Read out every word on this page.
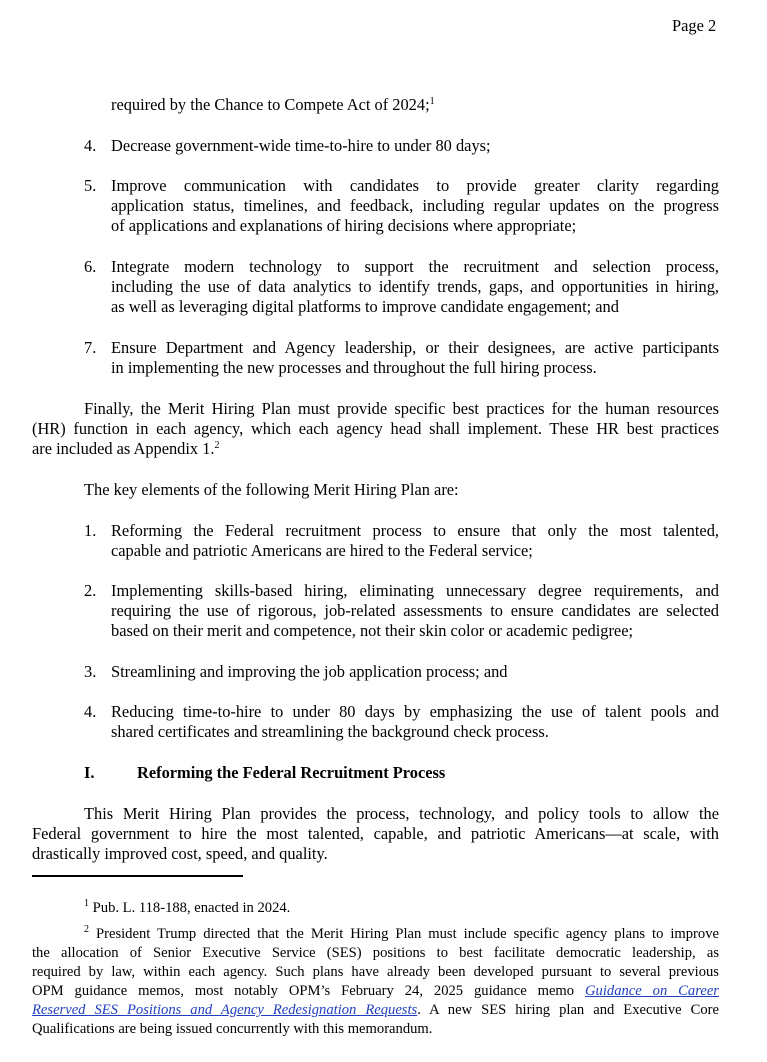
Page 2
required by the Chance to Compete Act of 2024;$^1$
4. Decrease government-wide time-to-hire to under 80 days;
5. Improve communication with candidates to provide greater clarity regarding
application status, timelines, and feedback, including regular updates on the progress
of applications and explanations of hiring decisions where appropriate;
6. Integrate modern technology to support the recruitment and selection process,
including the use of data analytics to identify trends, gaps, and opportunities in hiring,
as well as leveraging digital platforms to improve candidate engagement; and
7. Ensure Department and Agency leadership, or their designees, are active participants
in implementing the new processes and throughout the full hiring process.
Finally, the Merit Hiring Plan must provide specific best practices for the human resources
(HR) function in each agency, which each agency head shall implement. These HR best practices
are included as Appendix 1.$^2$
The key elements of the following Merit Hiring Plan are:
1. Reforming the Federal recruitment process to ensure that only the most talented,
capable and patriotic Americans are hired to the Federal service;
2. Implementing skills-based hiring, eliminating unnecessary degree requirements, and
requiring the use of rigorous, job-related assessments to ensure candidates are selected
based on their merit and competence, not their skin color or academic pedigree;
3. Streamlining and improving the job application process; and
4. Reducing time-to-hire to under 80 days by emphasizing the use of talent pools and
shared certificates and streamlining the background check process.
I.	Reforming the Federal Recruitment Process
This Merit Hiring Plan provides the process, technology, and policy tools to allow the
Federal government to hire the most talented, capable, and patriotic Americans—at scale, with
drastically improved cost, speed, and quality.
$^1$ Pub. L. 118-188, enacted in 2024.
$^2$ President Trump directed that the Merit Hiring Plan must include specific agency plans to improve
the allocation of Senior Executive Service (SES) positions to best facilitate democratic leadership, as
required by law, within each agency. Such plans have already been developed pursuant to several previous
OPM guidance memos, most notably OPM’s February 24, 2025 guidance memo Guidance on Career
Reserved SES Positions and Agency Redesignation Requests. A new SES hiring plan and Executive Core
Qualifications are being issued concurrently with this memorandum.
